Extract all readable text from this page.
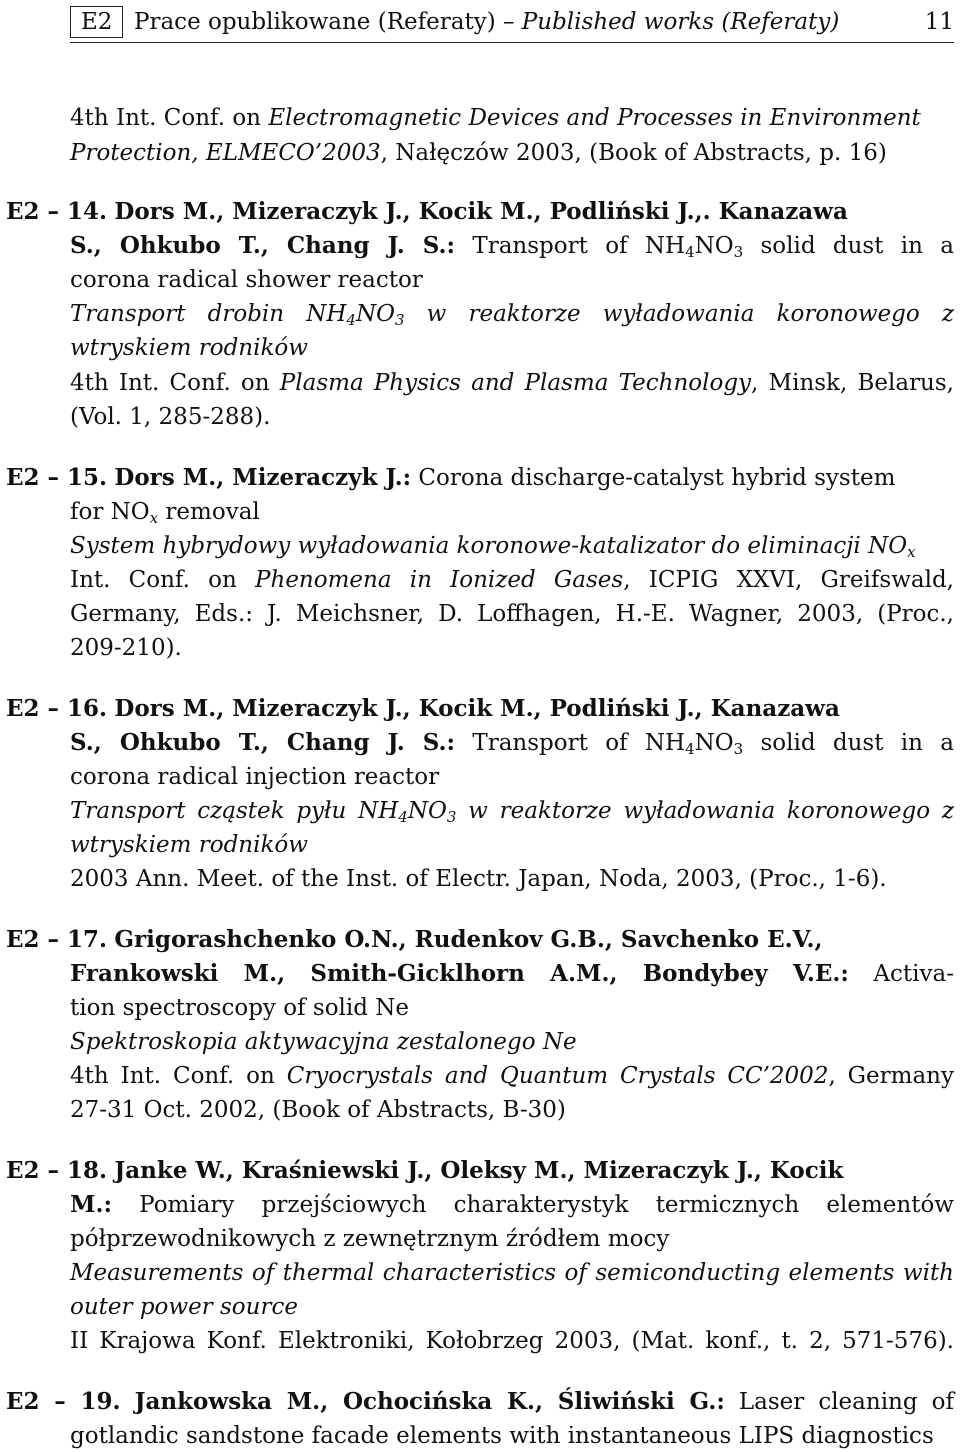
E2 Prace opublikowane (Referaty) – Published works (Referaty)	11
4th Int. Conf. on Electromagnetic Devices and Processes in Environment
Protection, ELMECO’2003, Nałęczów 2003, (Book of Abstracts, p. 16)
E2 – 14. Dors M., Mizeraczyk J., Kocik M., Podliński J.,. Kanazawa
S., Ohkubo T., Chang J. S.: Transport of $NH_4NO_3$ solid dust in a
corona radical shower reactor
Transport drobin $NH_4NO_3$ w reaktorze wyładowania koronowego z
wtryskiem rodników
4th Int. Conf. on Plasma Physics and Plasma Technology, Minsk, Belarus,
(Vol. 1, 285-288).
E2 – 15. Dors M., Mizeraczyk J.: Corona discharge-catalyst hybrid system
for $NO_x$ removal
System hybrydowy wyładowania koronowe-katalizator do eliminacji $NO_x$
Int. Conf. on Phenomena in Ionized Gases, ICPIG XXVI, Greifswald,
Germany, Eds.: J. Meichsner, D. Loffhagen, H.-E. Wagner, 2003, (Proc.,
209-210).
E2 – 16. Dors M., Mizeraczyk J., Kocik M., Podliński J., Kanazawa
S., Ohkubo T., Chang J. S.: Transport of $NH_4NO_3$ solid dust in a
corona radical injection reactor
Transport cząstek pyłu $NH_4NO_3$ w reaktorze wyładowania koronowego z
wtryskiem rodników
2003 Ann. Meet. of the Inst. of Electr. Japan, Noda, 2003, (Proc., 1-6).
E2 – 17. Grigorashchenko O.N., Rudenkov G.B., Savchenko E.V.,
Frankowski M., Smith-Gicklhorn A.M., Bondybey V.E.: Activa-
tion spectroscopy of solid Ne
Spektroskopia aktywacyjna zestalonego Ne
4th Int. Conf. on Cryocrystals and Quantum Crystals CC’2002, Germany
27-31 Oct. 2002, (Book of Abstracts, B-30)
E2 – 18. Janke W., Kraśniewski J., Oleksy M., Mizeraczyk J., Kocik
M.: Pomiary przejściowych charakterystyk termicznych elementów
półprzewodnikowych z zewnętrznym źródłem mocy
Measurements of thermal characteristics of semiconducting elements with
outer power source
II Krajowa Konf. Elektroniki, Kołobrzeg 2003, (Mat. konf., t. 2, 571-576).
E2 – 19. Jankowska M., Ochocińska K., Śliwiński G.: Laser cleaning of
gotlandic sandstone facade elements with instantaneous LIPS diagnostics
